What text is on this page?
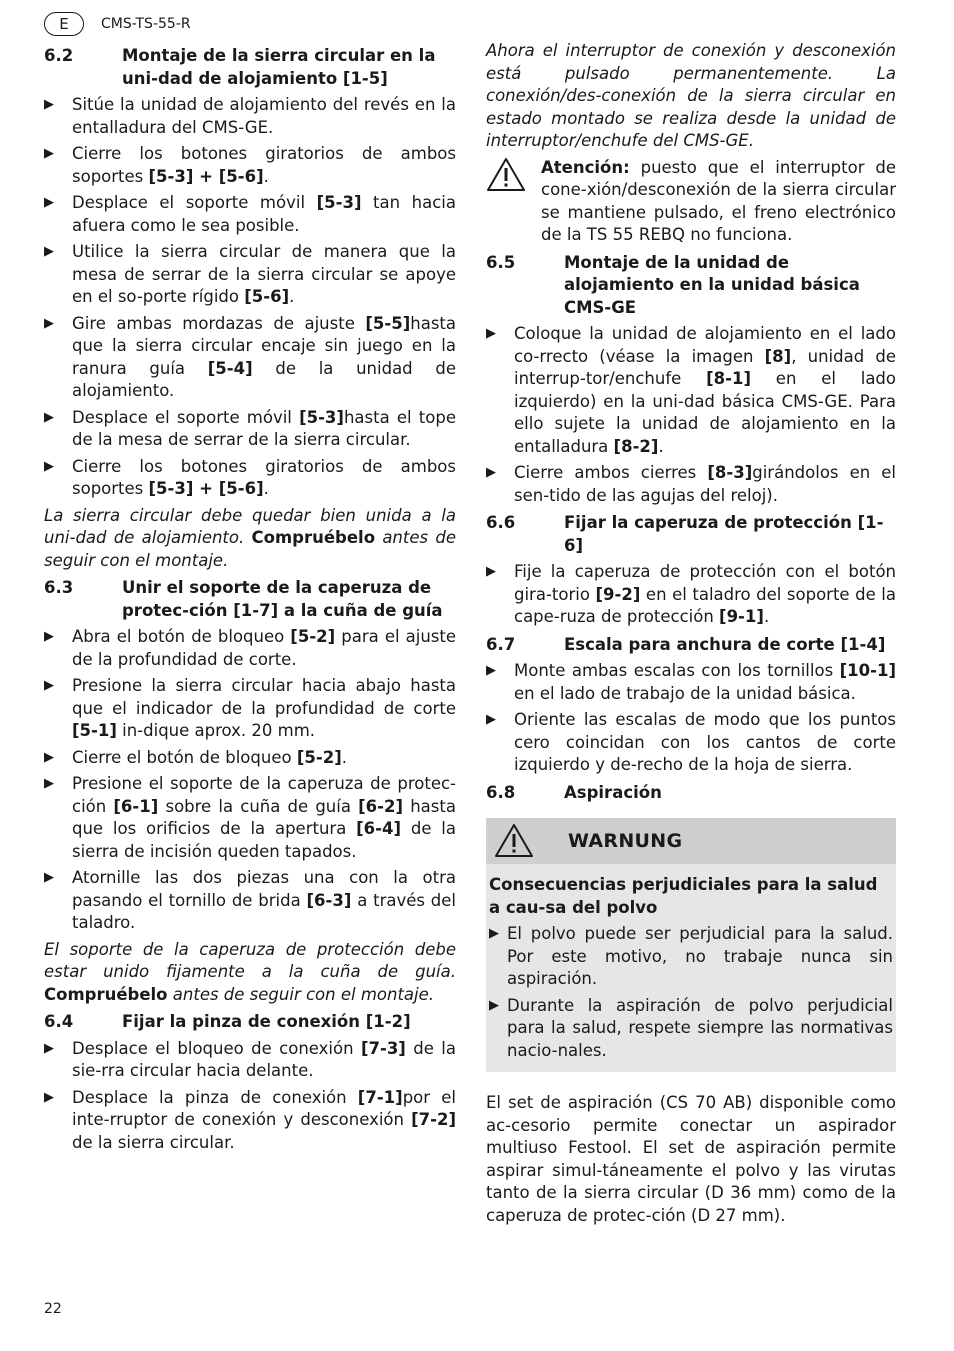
E	CMS-TS-55-R
6.2	Montaje de la sierra circular en la uni-dad de alojamiento [1-5]
▶	Sitúe la unidad de alojamiento del revés en la entalladura del CMS-GE.
▶	Cierre los botones giratorios de ambos soportes [5-3] + [5-6].
▶	Desplace el soporte móvil [5-3] tan hacia afuera como le sea posible.
▶	Utilice la sierra circular de manera que la mesa de serrar de la sierra circular se apoye en el so-porte rígido [5-6].
▶	Gire ambas mordazas de ajuste [5-5]hasta que la sierra circular encaje sin juego en la ranura guía [5-4] de la unidad de alojamiento.
▶	Desplace el soporte móvil [5-3]hasta el tope de la mesa de serrar de la sierra circular.
▶	Cierre los botones giratorios de ambos soportes [5-3] + [5-6].
La sierra circular debe quedar bien unida a la uni-dad de alojamiento. Compruébelo antes de seguir con el montaje.
6.3	Unir el soporte de la caperuza de protec-ción [1-7] a la cuña de guía
▶	Abra el botón de bloqueo [5-2] para el ajuste de la profundidad de corte.
▶	Presione la sierra circular hacia abajo hasta que el indicador de la profundidad de corte [5-1] in-dique aprox. 20 mm.
▶	Cierre el botón de bloqueo [5-2].
▶	Presione el soporte de la caperuza de protec-ción [6-1] sobre la cuña de guía [6-2] hasta que los orificios de la apertura [6-4] de la sierra de incisión queden tapados.
▶	Atornille las dos piezas una con la otra pasando el tornillo de brida [6-3] a través del taladro.
El soporte de la caperuza de protección debe estar unido fijamente a la cuña de guía. Compruébelo antes de seguir con el montaje.
6.4	Fijar la pinza de conexión [1-2]
▶	Desplace el bloqueo de conexión [7-3] de la sie-rra circular hacia delante.
▶	Desplace la pinza de conexión [7-1]por el inte-rruptor de conexión y desconexión [7-2] de la sierra circular.
Ahora el interruptor de conexión y desconexión está pulsado permanentemente. La conexión/des-conexión de la sierra circular en estado montado se realiza desde la unidad de interruptor/enchufe del CMS-GE.
Atención: puesto que el interruptor de cone-xión/desconexión de la sierra circular se mantiene pulsado, el freno electrónico de la TS 55 REBQ no funciona.
6.5	Montaje de la unidad de alojamiento en la unidad básica CMS-GE
▶	Coloque la unidad de alojamiento en el lado co-rrecto (véase la imagen [8], unidad de interrup-tor/enchufe [8-1] en el lado izquierdo) en la uni-dad básica CMS-GE. Para ello sujete la unidad de alojamiento en la entalladura [8-2].
▶	Cierre ambos cierres [8-3]girándolos en el sen-tido de las agujas del reloj).
6.6	Fijar la caperuza de protección [1-6]
▶	Fije la caperuza de protección con el botón gira-torio [9-2] en el taladro del soporte de la cape-ruza de protección [9-1].
6.7	Escala para anchura de corte [1-4]
▶	Monte ambas escalas con los tornillos [10-1] en el lado de trabajo de la unidad básica.
▶	Oriente las escalas de modo que los puntos cero coincidan con los cantos de corte izquierdo y de-recho de la hoja de sierra.
6.8	Aspiración
WARNUNG
Consecuencias perjudiciales para la salud a cau-sa del polvo
▶ El polvo puede ser perjudicial para la salud. Por este motivo, no trabaje nunca sin aspiración.
▶ Durante la aspiración de polvo perjudicial para la salud, respete siempre las normativas nacio-nales.
El set de aspiración (CS 70 AB) disponible como ac-cesorio permite conectar un aspirador multiuso Festool. El set de aspiración permite aspirar simul-táneamente el polvo y las virutas tanto de la sierra circular (D 36 mm) como de la caperuza de protec-ción (D 27 mm).
22
